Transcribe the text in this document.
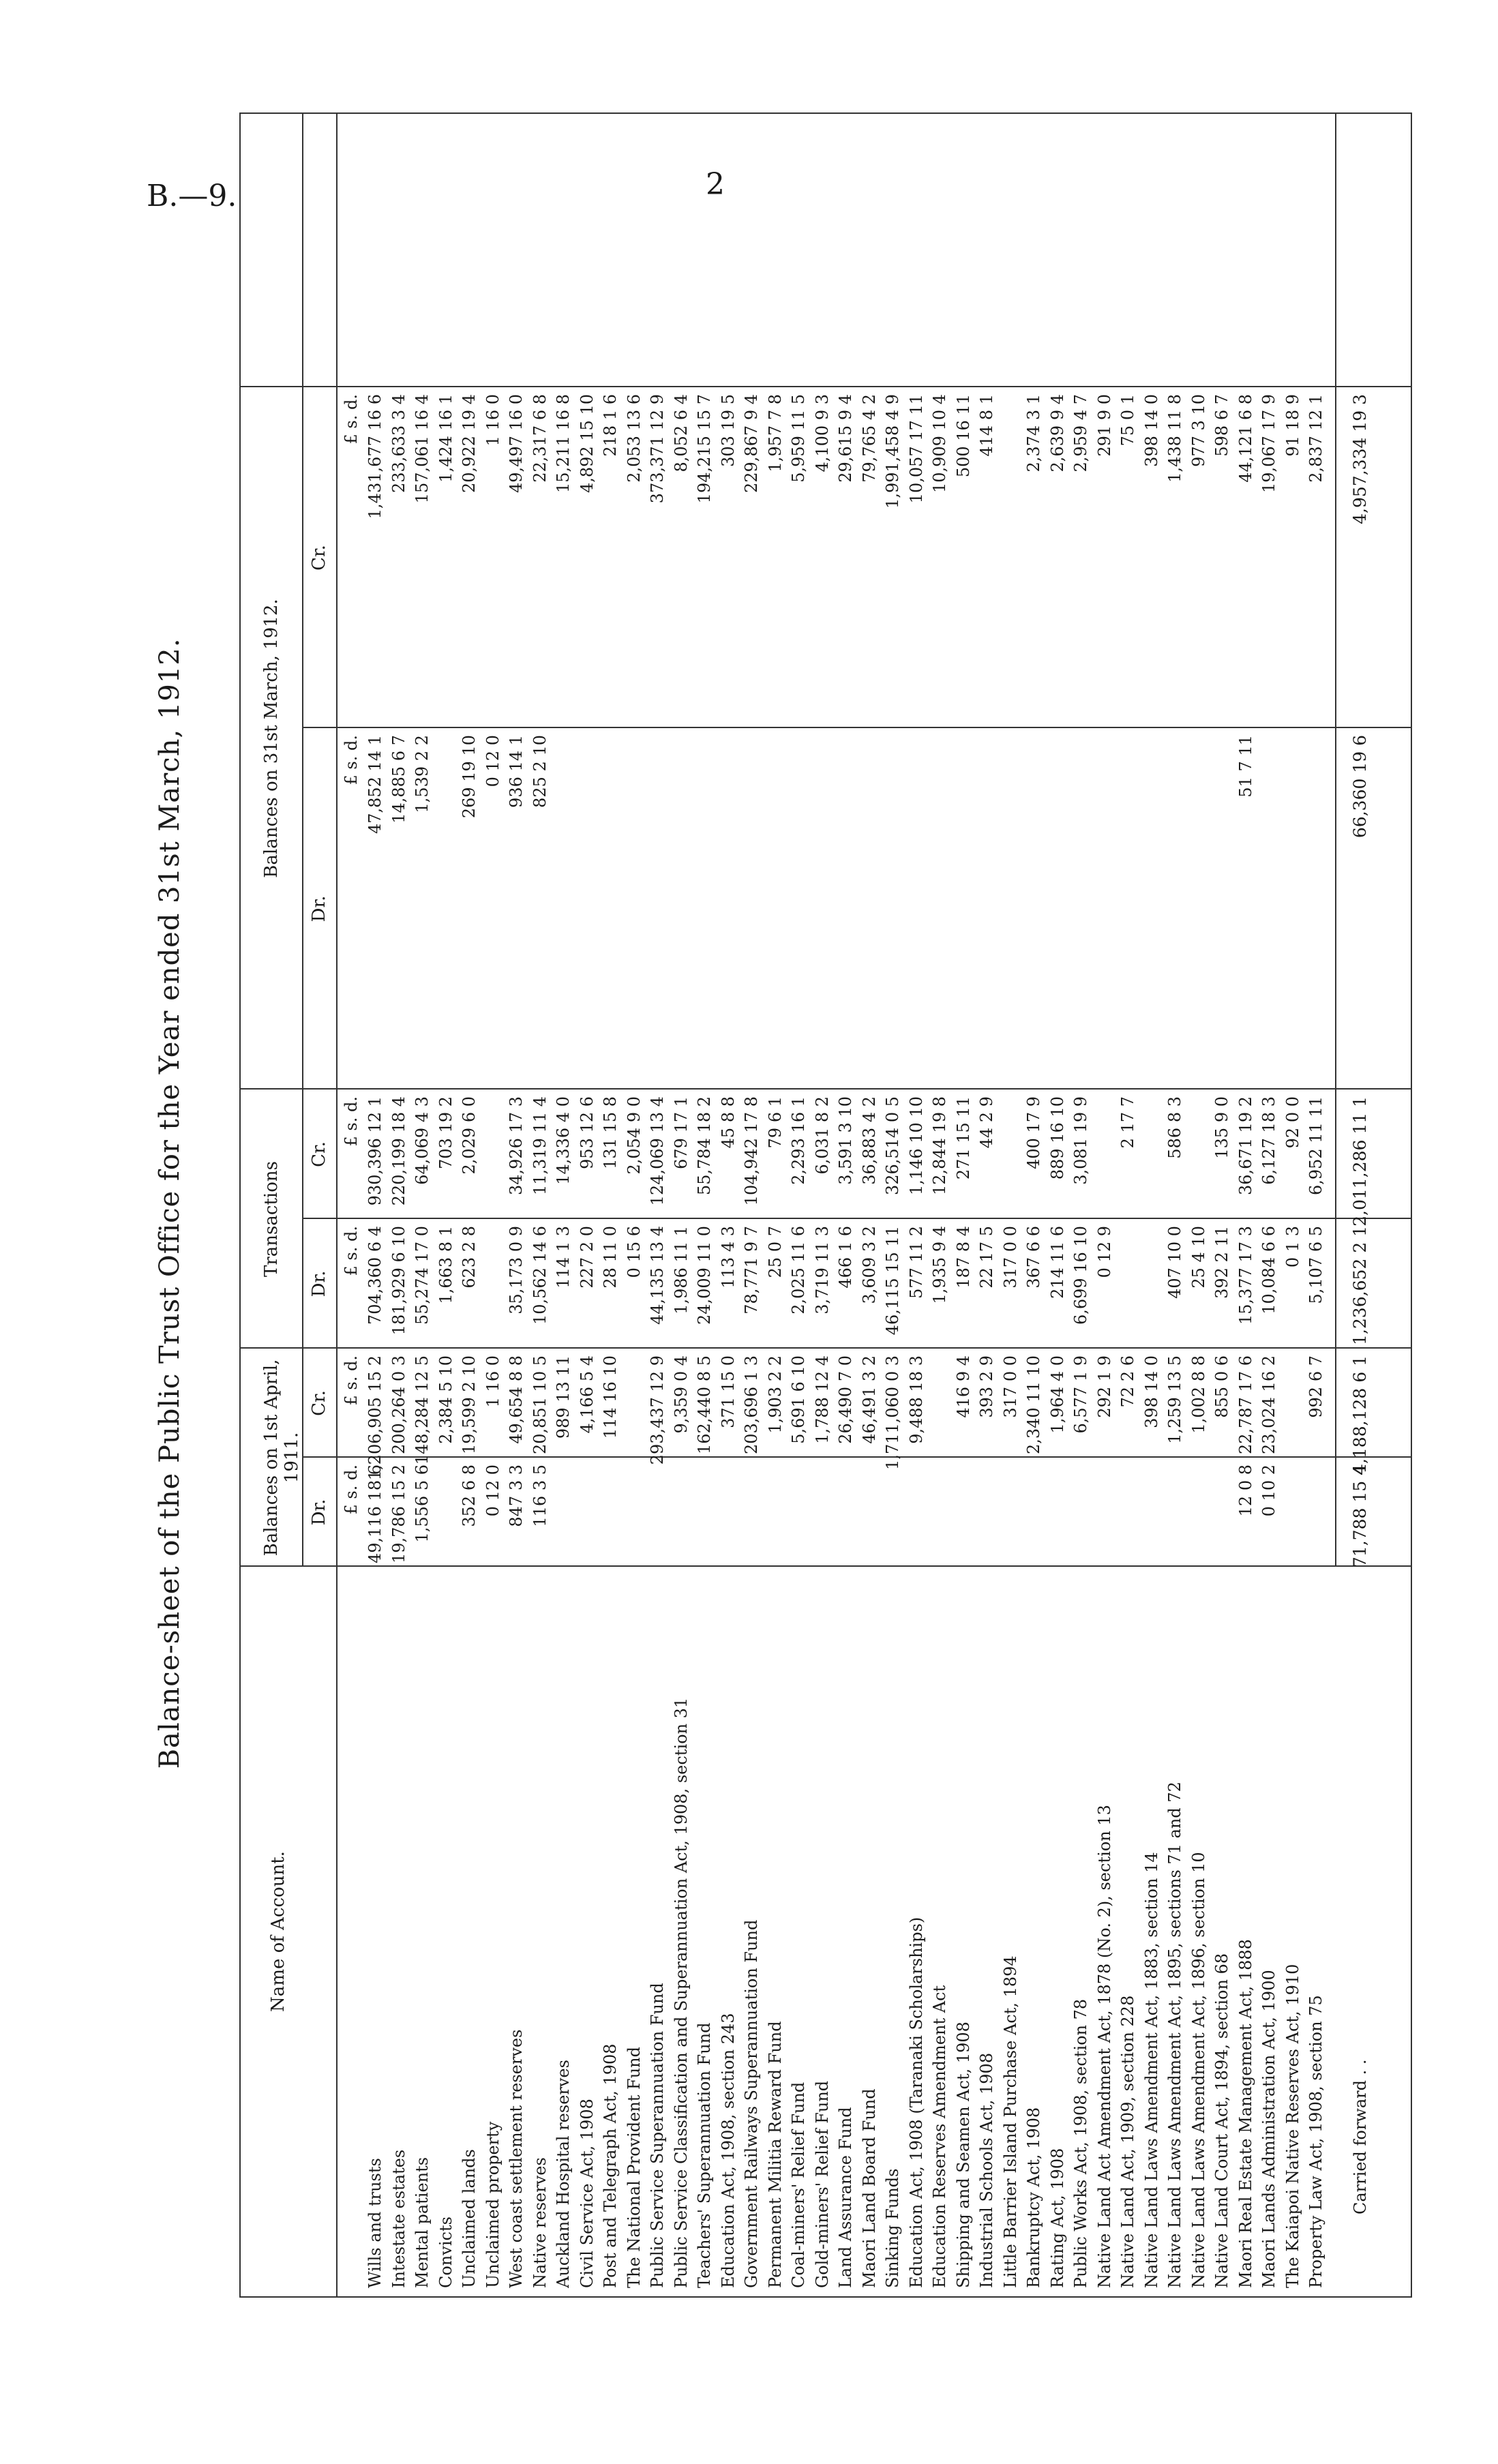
B.—9.	2
Balance-sheet of the Public Trust Office for the Year ended 31st March, 1912.
Name of Account.
Balances on 1st April, 1911.
Transactions
Balances on 31st March, 1912.
Dr.
Cr.
Dr.
Cr.
Dr.
Cr.
£ s. d.
£ s. d.
£ s. d.
£ s. d.
£ s. d.
£ s. d.
Wills and trusts
49,116 18 6
1,206,905 15 2
704,360 6 4
930,396 12 1
47,852 14 1
1,431,677 16 6
Intestate estates
19,786 15 2
200,264 0 3
181,929 6 10
220,199 18 4
14,885 6 7
233,633 3 4
Mental patients
1,556 5 6
148,284 12 5
55,274 17 0
64,069 4 3
1,539 2 2
157,061 16 4
Convicts
2,384 5 10
1,663 8 1
703 19 2
1,424 16 1
Unclaimed lands
352 6 8
19,599 2 10
623 2 8
2,029 6 0
269 19 10
20,922 19 4
Unclaimed property
0 12 0
1 16 0
0 12 0
1 16 0
West coast settlement reserves
847 3 3
49,654 8 8
35,173 0 9
34,926 17 3
936 14 1
49,497 16 0
Native reserves
116 3 5
20,851 10 5
10,562 14 6
11,319 11 4
825 2 10
22,317 6 8
Auckland Hospital reserves
989 13 11
114 1 3
14,336 4 0
15,211 16 8
Civil Service Act, 1908
4,166 5 4
227 2 0
953 12 6
4,892 15 10
Post and Telegraph Act, 1908
114 16 10
28 11 0
131 15 8
218 1 6
The National Provident Fund
0 15 6
2,054 9 0
2,053 13 6
Public Service Superannuation Fund
293,437 12 9
44,135 13 4
124,069 13 4
373,371 12 9
Public Service Classification and Superannuation Act, 1908, section 31
9,359 0 4
1,986 11 1
679 17 1
8,052 6 4
Teachers' Superannuation Fund
162,440 8 5
24,009 11 0
55,784 18 2
194,215 15 7
Education Act, 1908, section 243
371 15 0
113 4 3
45 8 8
303 19 5
Government Railways Superannuation Fund
203,696 1 3
78,771 9 7
104,942 17 8
229,867 9 4
Permanent Militia Reward Fund
1,903 2 2
25 0 7
79 6 1
1,957 7 8
Coal-miners' Relief Fund
5,691 6 10
2,025 11 6
2,293 16 1
5,959 11 5
Gold-miners' Relief Fund
1,788 12 4
3,719 11 3
6,031 8 2
4,100 9 3
Land Assurance Fund
26,490 7 0
466 1 6
3,591 3 10
29,615 9 4
Maori Land Board Fund
46,491 3 2
3,609 3 2
36,883 4 2
79,765 4 2
Sinking Funds
1,711,060 0 3
46,115 15 11
326,514 0 5
1,991,458 4 9
Education Act, 1908 (Taranaki Scholarships)
9,488 18 3
577 11 2
1,146 10 10
10,057 17 11
Education Reserves Amendment Act
1,935 9 4
12,844 19 8
10,909 10 4
Shipping and Seamen Act, 1908
416 9 4
187 8 4
271 15 11
500 16 11
Industrial Schools Act, 1908
393 2 9
22 17 5
44 2 9
414 8 1
Little Barrier Island Purchase Act, 1894
317 0 0
317 0 0
Bankruptcy Act, 1908
2,340 11 10
367 6 6
400 17 9
2,374 3 1
Rating Act, 1908
1,964 4 0
214 11 6
889 16 10
2,639 9 4
Public Works Act, 1908, section 78
6,577 1 9
6,699 16 10
3,081 19 9
2,959 4 7
Native Land Act Amendment Act, 1878 (No. 2), section 13
292 1 9
0 12 9
291 9 0
Native Land Act, 1909, section 228
72 2 6
2 17 7
75 0 1
Native Land Laws Amendment Act, 1883, section 14
398 14 0
398 14 0
Native Land Laws Amendment Act, 1895, sections 71 and 72
1,259 13 5
407 10 0
586 8 3
1,438 11 8
Native Land Laws Amendment Act, 1896, section 10
1,002 8 8
25 4 10
977 3 10
Native Land Court Act, 1894, section 68
855 0 6
392 2 11
135 9 0
598 6 7
Maori Real Estate Management Act, 1888
12 0 8
22,787 17 6
15,377 17 3
36,671 19 2
51 7 11
44,121 6 8
Maori Lands Administration Act, 1900
0 10 2
23,024 16 2
10,084 6 6
6,127 18 3
19,067 17 9
The Kaiapoi Native Reserves Act, 1910
0 1 3
92 0 0
91 18 9
Property Law Act, 1908, section 75
992 6 7
5,107 6 5
6,952 11 11
2,837 12 1
Carried forward . .
71,788 15 4
4,188,128 6 1
1,236,652 2 1
2,011,286 11 1
66,360 19 6
4,957,334 19 3
